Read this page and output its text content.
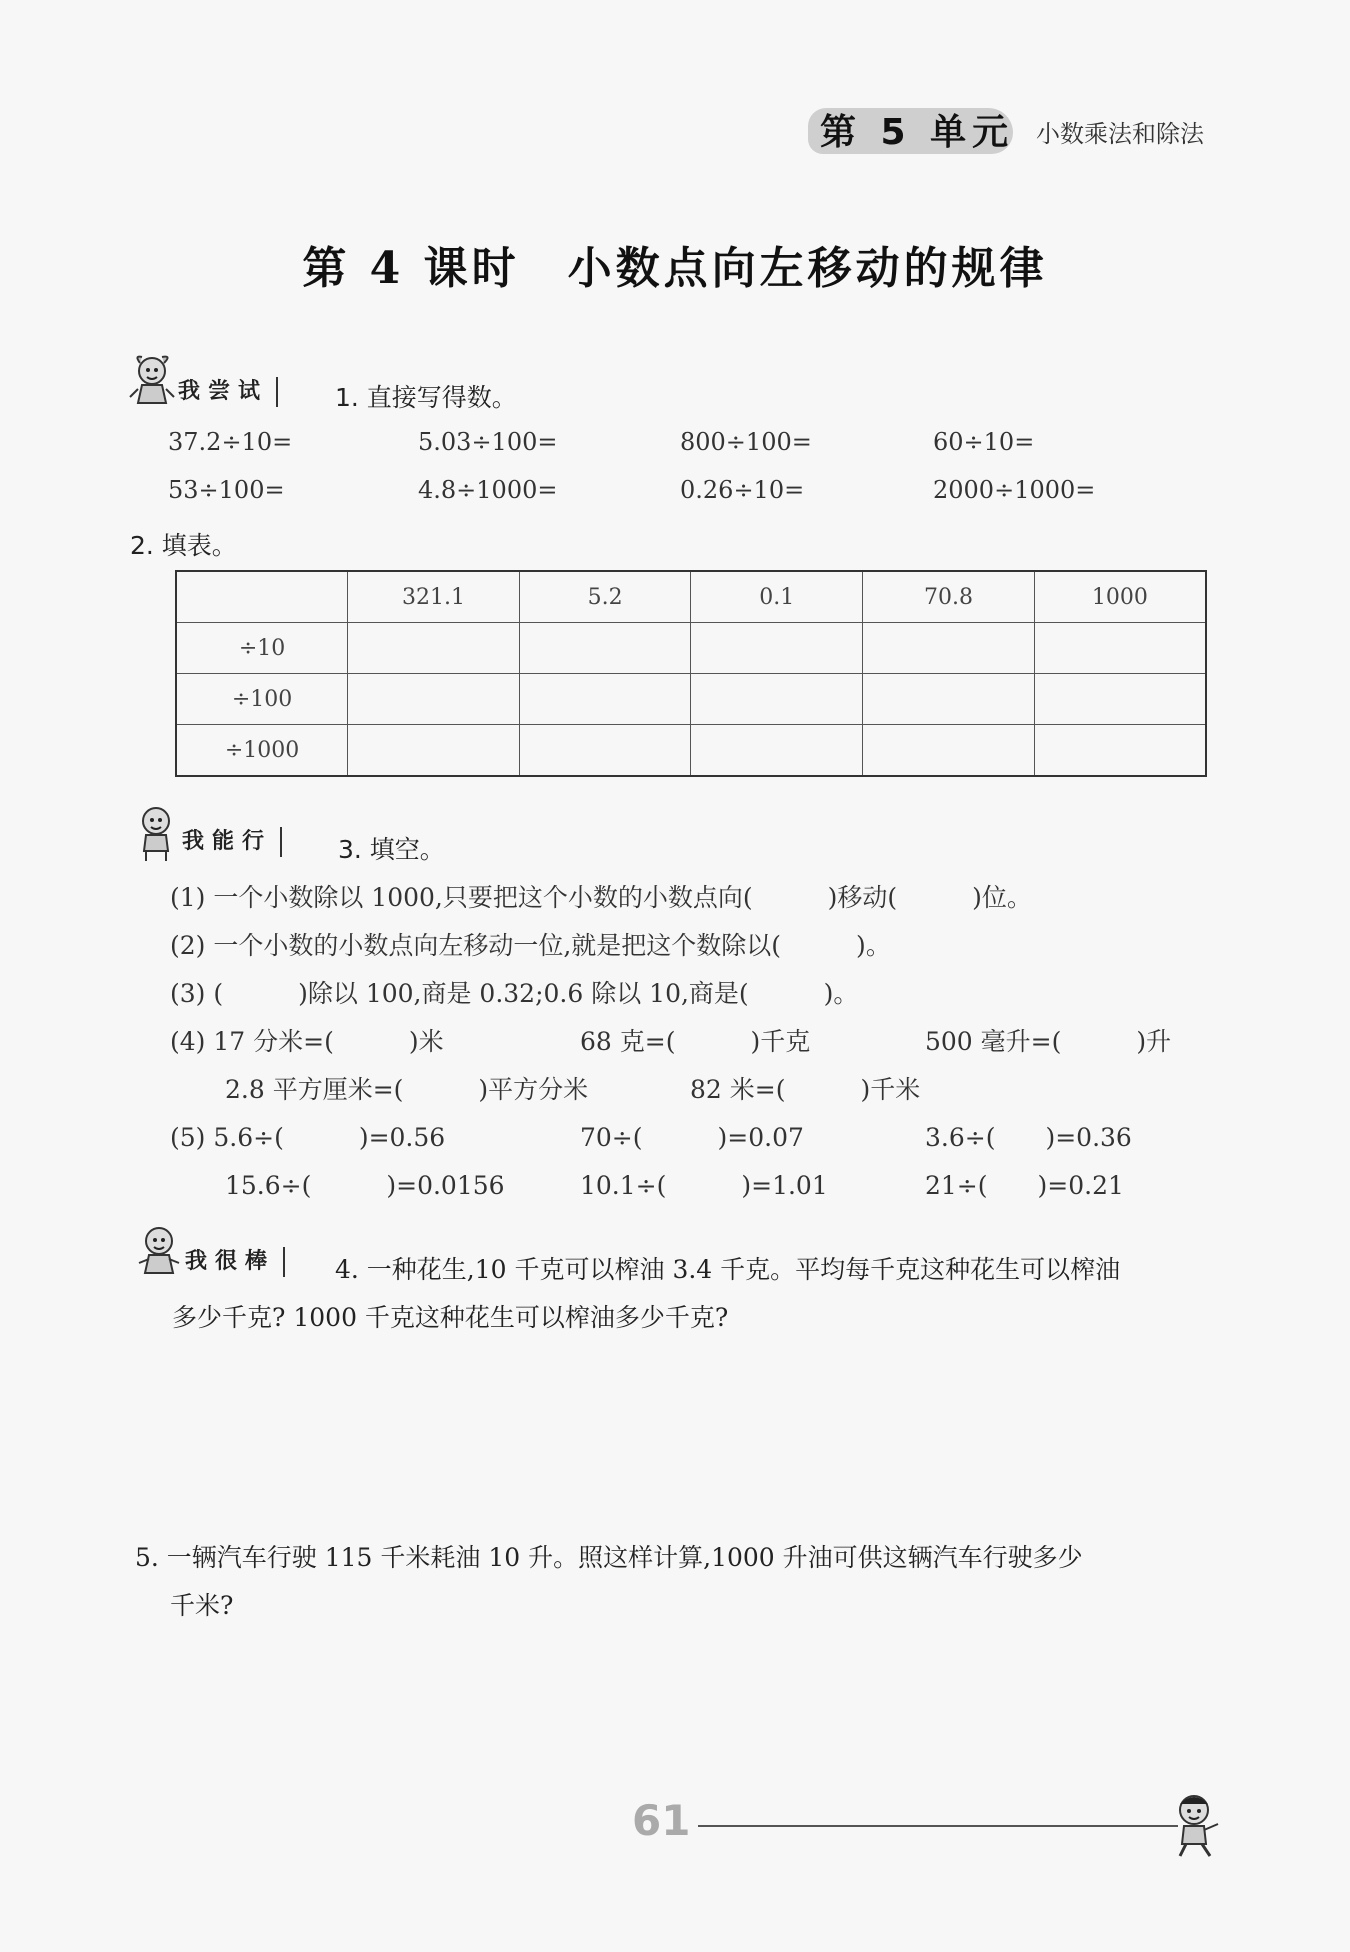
第 5 单元 小数乘法和除法
第 4 课时　小数点向左移动的规律
我尝试	1. 直接写得数。
37.2÷10=	5.03÷100=	800÷100=	60÷10=
53÷100=	4.8÷1000=	0.26÷10=	2000÷1000=
2. 填表。
	321.1	5.2	0.1	70.8	1000
÷10					
÷100					
÷1000					
我能行	3. 填空。
(1) 一个小数除以 1000,只要把这个小数的小数点向(　　　)移动(　　　)位。
(2) 一个小数的小数点向左移动一位,就是把这个数除以(　　　)。
(3) (　　　)除以 100,商是 0.32;0.6 除以 10,商是(　　　)。
(4) 17 分米=(　　　)米	68 克=(　　　)千克	500 毫升=(　　　)升
2.8 平方厘米=(　　　)平方分米	82 米=(　　　)千米
(5) 5.6÷(　　　)=0.56	70÷(　　　)=0.07	3.6÷(　　)=0.36
15.6÷(　　　)=0.0156	10.1÷(　　　)=1.01	21÷(　　)=0.21
我很棒	4. 一种花生,10 千克可以榨油 3.4 千克。平均每千克这种花生可以榨油
多少千克? 1000 千克这种花生可以榨油多少千克?
5. 一辆汽车行驶 115 千米耗油 10 升。照这样计算,1000 升油可供这辆汽车行驶多少
千米?
61
